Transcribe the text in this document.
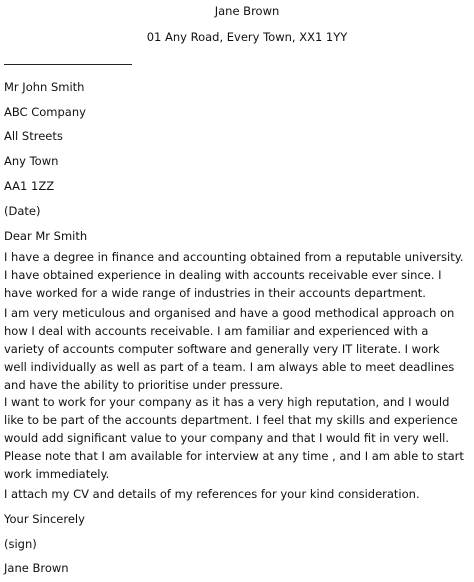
Jane Brown
01 Any Road, Every Town, XX1 1YY
Mr John Smith
ABC Company
All Streets
Any Town
AA1 1ZZ
(Date)
Dear Mr Smith
I have a degree in finance and accounting obtained from a reputable university. I have obtained experience in dealing with accounts receivable ever since. I have worked for a wide range of industries in their accounts department.
I am very meticulous and organised and have a good methodical approach on how I deal with accounts receivable. I am familiar and experienced with a variety of accounts computer software and generally very IT literate. I work well individually as well as part of a team. I am always able to meet deadlines and have the ability to prioritise under pressure.
I want to work for your company as it has a very high reputation, and I would like to be part of the accounts department. I feel that my skills and experience would add significant value to your company and that I would fit in very well.
Please note that I am available for interview at any time , and I am able to start work immediately.
I attach my CV and details of my references for your kind consideration.
Your Sincerely
(sign)
Jane Brown
